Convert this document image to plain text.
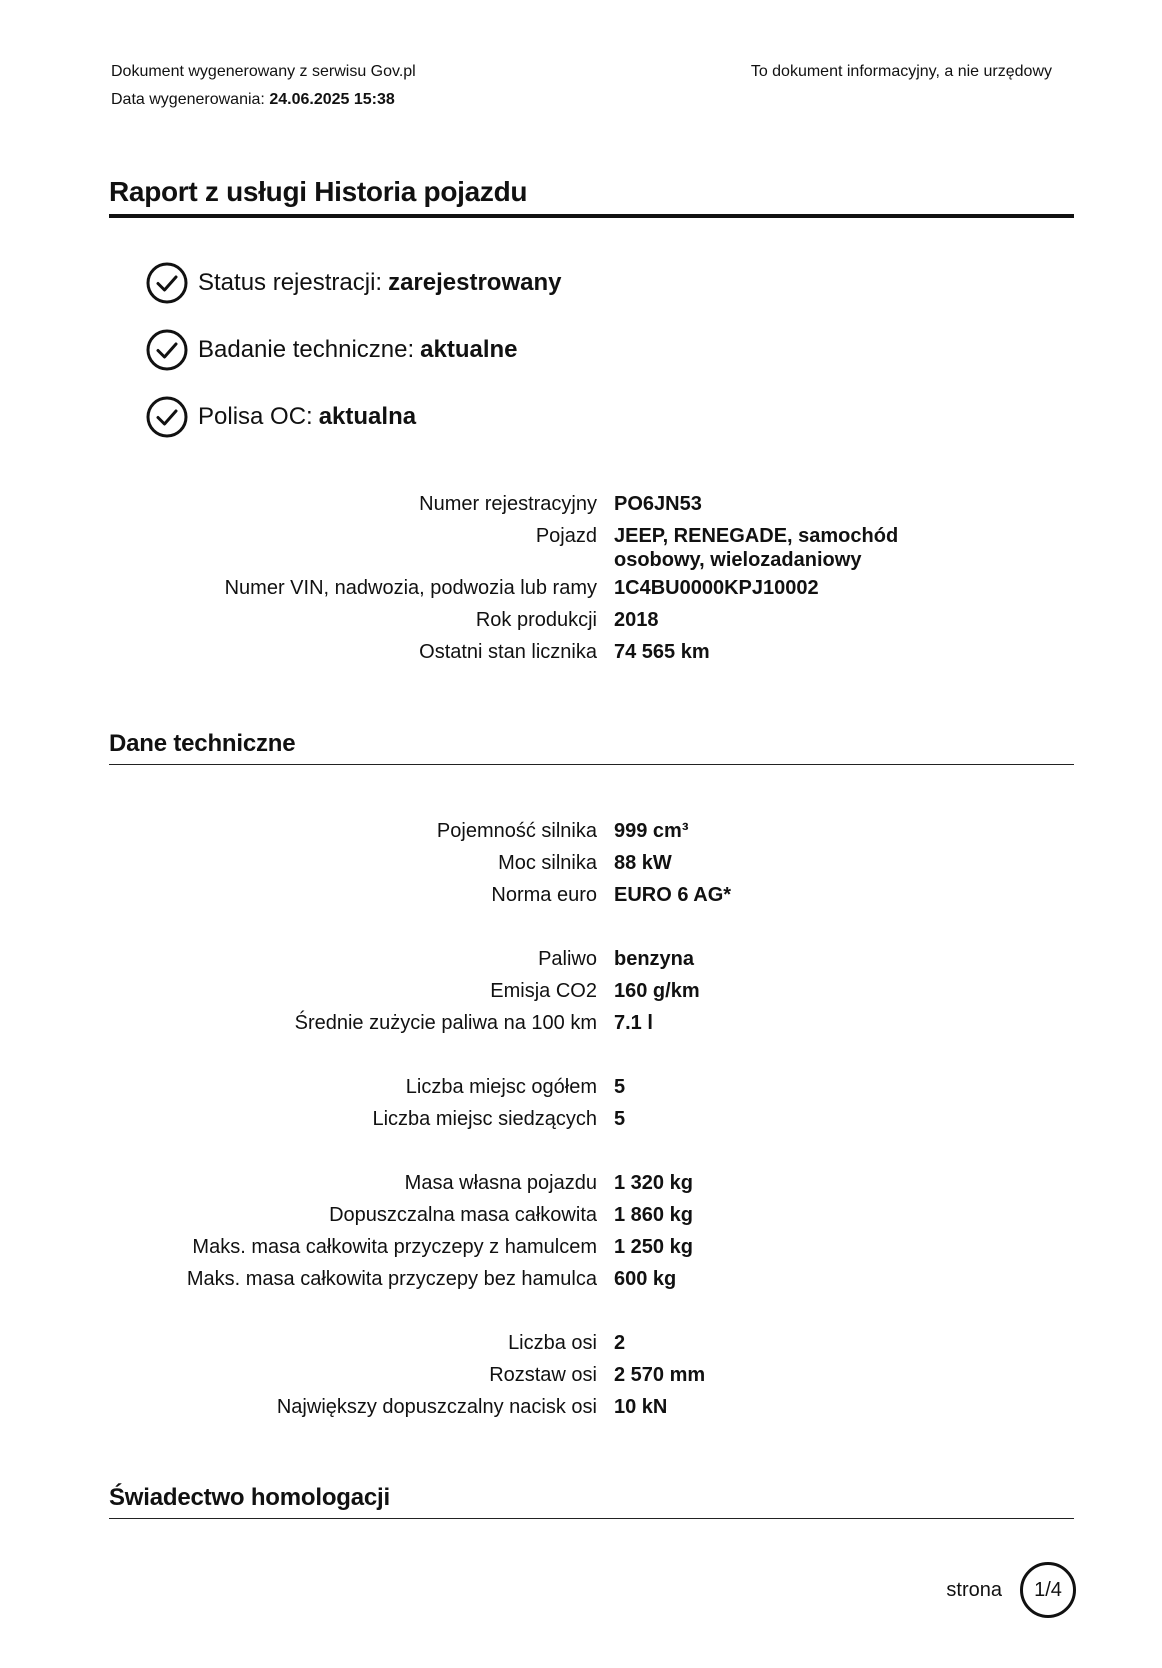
Dokument wygenerowany z serwisu Gov.pl
Data wygenerowania: 24.06.2025 15:38
To dokument informacyjny, a nie urzędowy
Raport z usługi Historia pojazdu
Status rejestracji: zarejestrowany
Badanie techniczne: aktualne
Polisa OC: aktualna
Numer rejestracyjny PO6JN53
Pojazd JEEP, RENEGADE, samochód osobowy, wielozadaniowy
Numer VIN, nadwozia, podwozia lub ramy 1C4BU0000KPJ10002
Rok produkcji 2018
Ostatni stan licznika 74 565 km
Dane techniczne
Pojemność silnika 999 cm³
Moc silnika 88 kW
Norma euro EURO 6 AG*
Paliwo benzyna
Emisja CO2 160 g/km
Średnie zużycie paliwa na 100 km 7.1 l
Liczba miejsc ogółem 5
Liczba miejsc siedzących 5
Masa własna pojazdu 1 320 kg
Dopuszczalna masa całkowita 1 860 kg
Maks. masa całkowita przyczepy z hamulcem 1 250 kg
Maks. masa całkowita przyczepy bez hamulca 600 kg
Liczba osi 2
Rozstaw osi 2 570 mm
Największy dopuszczalny nacisk osi 10 kN
Świadectwo homologacji
strona	1/4
